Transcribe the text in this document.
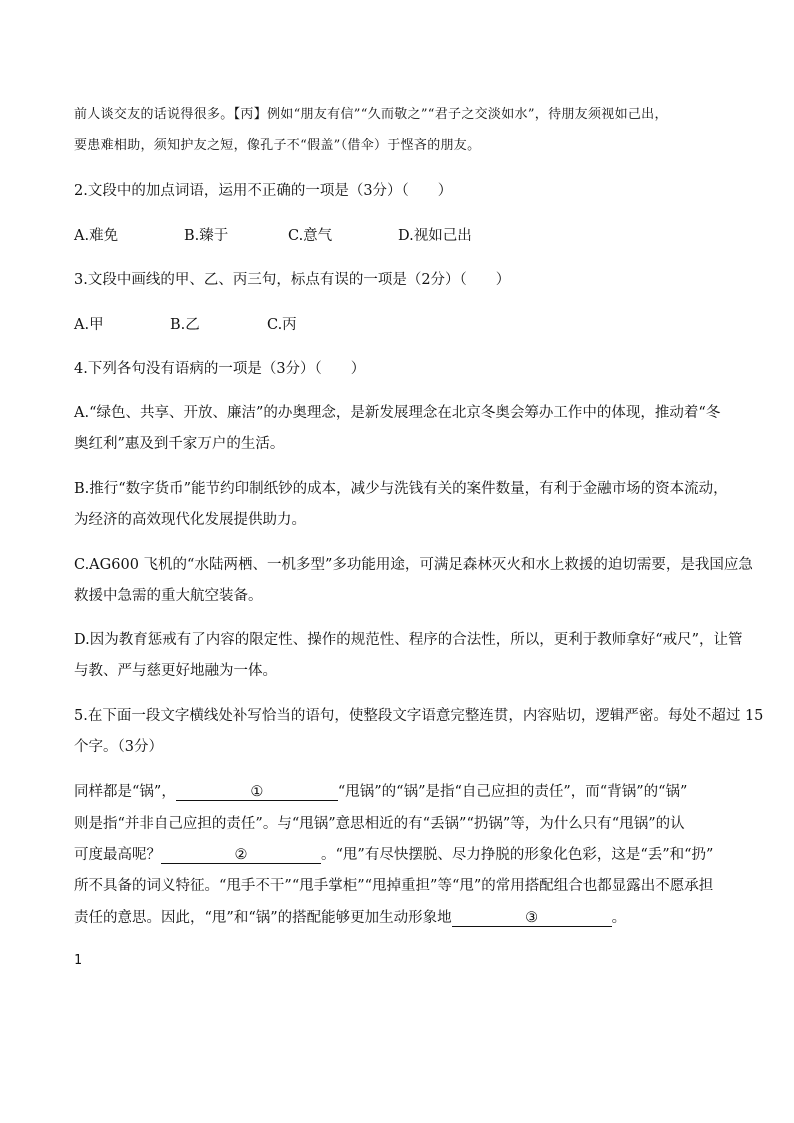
前人谈交友的话说得很多。【丙】例如“朋友有信”“久而敬之”“君子之交淡如水”，待朋友须视如己出，
要患难相助，须知护友之短，像孔子不“假盖”（借伞）于悭吝的朋友。
2.文段中的加点词语，运用不正确的一项是（3分）（　　）
A.难免	B.臻于	C.意气	D.视如己出
3.文段中画线的甲、乙、丙三句，标点有误的一项是（2分）（　　）
A.甲	B.乙	C.丙
4.下列各句没有语病的一项是（3分）（　　）
A.“绿色、共享、开放、廉洁”的办奥理念，是新发展理念在北京冬奥会筹办工作中的体现，推动着“冬
奥红利”惠及到千家万户的生活。
B.推行“数字货币”能节约印制纸钞的成本，减少与洗钱有关的案件数量，有利于金融市场的资本流动，
为经济的高效现代化发展提供助力。
C.AG600 飞机的“水陆两栖、一机多型”多功能用途，可满足森林灭火和水上救援的迫切需要，是我国应急
救援中急需的重大航空装备。
D.因为教育惩戒有了内容的限定性、操作的规范性、程序的合法性，所以，更利于教师拿好“戒尺”，让管
与教、严与慈更好地融为一体。
5.在下面一段文字横线处补写恰当的语句，使整段文字语意完整连贯，内容贴切，逻辑严密。每处不超过 15
个字。（3分）
同样都是“锅”，	①	“甩锅”的“锅”是指“自己应担的责任”，而“背锅”的“锅”
则是指“并非自己应担的责任”。与“甩锅”意思相近的有“丢锅”“扔锅”等，为什么只有“甩锅”的认
可度最高呢？	②	。“甩”有尽快摆脱、尽力挣脱的形象化色彩，这是“丢”和“扔”
所不具备的词义特征。“甩手不干”“甩手掌柜”“甩掉重担”等“甩”的常用搭配组合也都显露出不愿承担
责任的意思。因此，“甩”和“锅”的搭配能够更加生动形象地	③	。
1
